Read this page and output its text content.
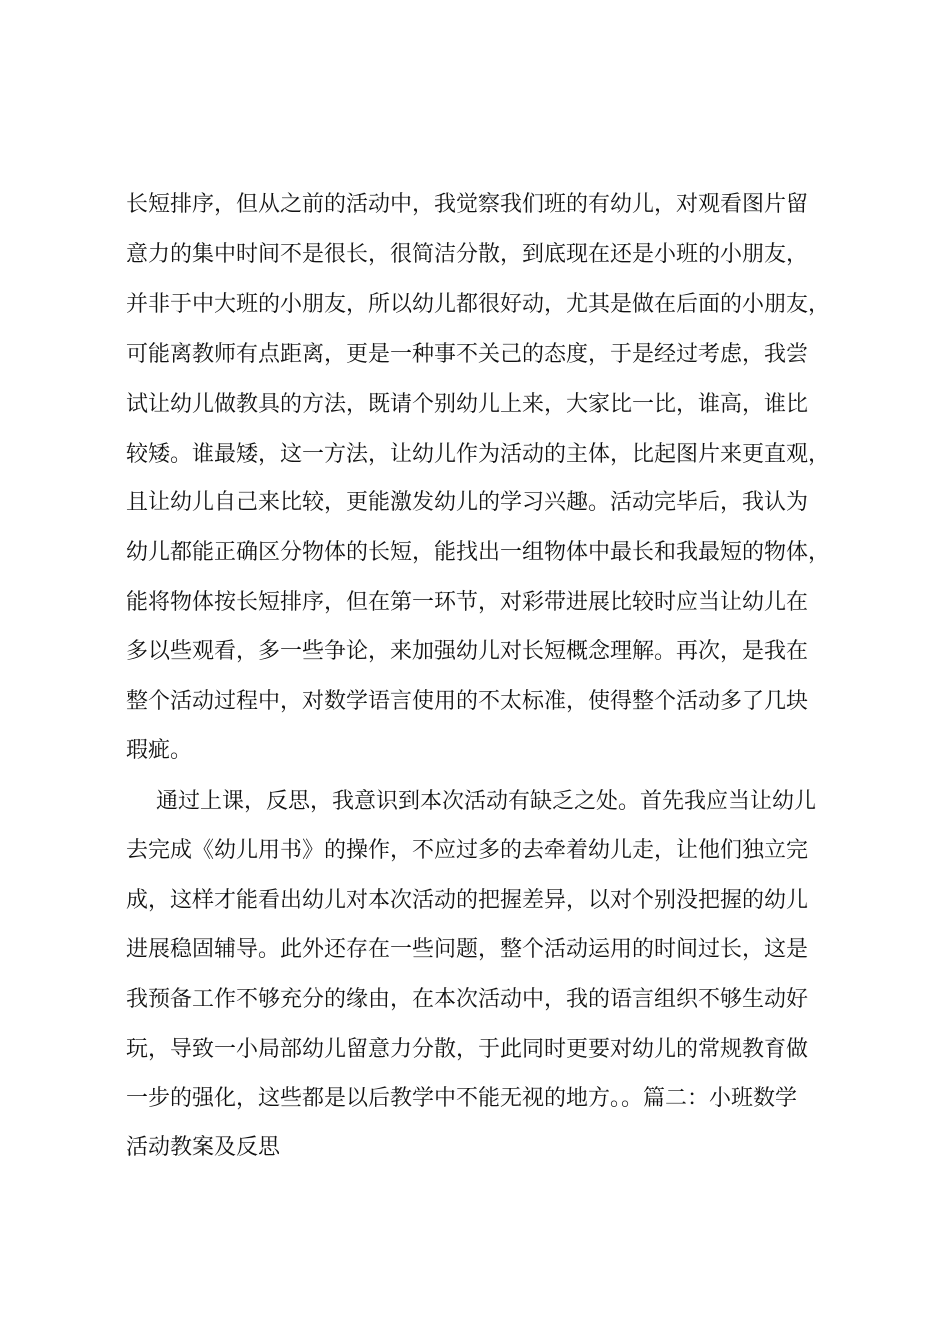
长短排序，但从之前的活动中，我觉察我们班的有幼儿，对观看图片留
意力的集中时间不是很长，很简洁分散，到底现在还是小班的小朋友，
并非于中大班的小朋友，所以幼儿都很好动，尤其是做在后面的小朋友，
可能离教师有点距离，更是一种事不关己的态度，于是经过考虑，我尝
试让幼儿做教具的方法，既请个别幼儿上来，大家比一比，谁高，谁比
较矮。谁最矮，这一方法，让幼儿作为活动的主体，比起图片来更直观，
且让幼儿自己来比较，更能激发幼儿的学习兴趣。活动完毕后，我认为
幼儿都能正确区分物体的长短，能找出一组物体中最长和我最短的物体，
能将物体按长短排序，但在第一环节，对彩带进展比较时应当让幼儿在
多以些观看，多一些争论，来加强幼儿对长短概念理解。再次，是我在
整个活动过程中，对数学语言使用的不太标准，使得整个活动多了几块
瑕疵。
通过上课，反思，我意识到本次活动有缺乏之处。首先我应当让幼儿
去完成《幼儿用书》的操作，不应过多的去牵着幼儿走，让他们独立完
成，这样才能看出幼儿对本次活动的把握差异，以对个别没把握的幼儿
进展稳固辅导。此外还存在一些问题，整个活动运用的时间过长，这是
我预备工作不够充分的缘由，在本次活动中，我的语言组织不够生动好
玩，导致一小局部幼儿留意力分散，于此同时更要对幼儿的常规教育做
一步的强化，这些都是以后教学中不能无视的地方。。篇二：小班数学
活动教案及反思
